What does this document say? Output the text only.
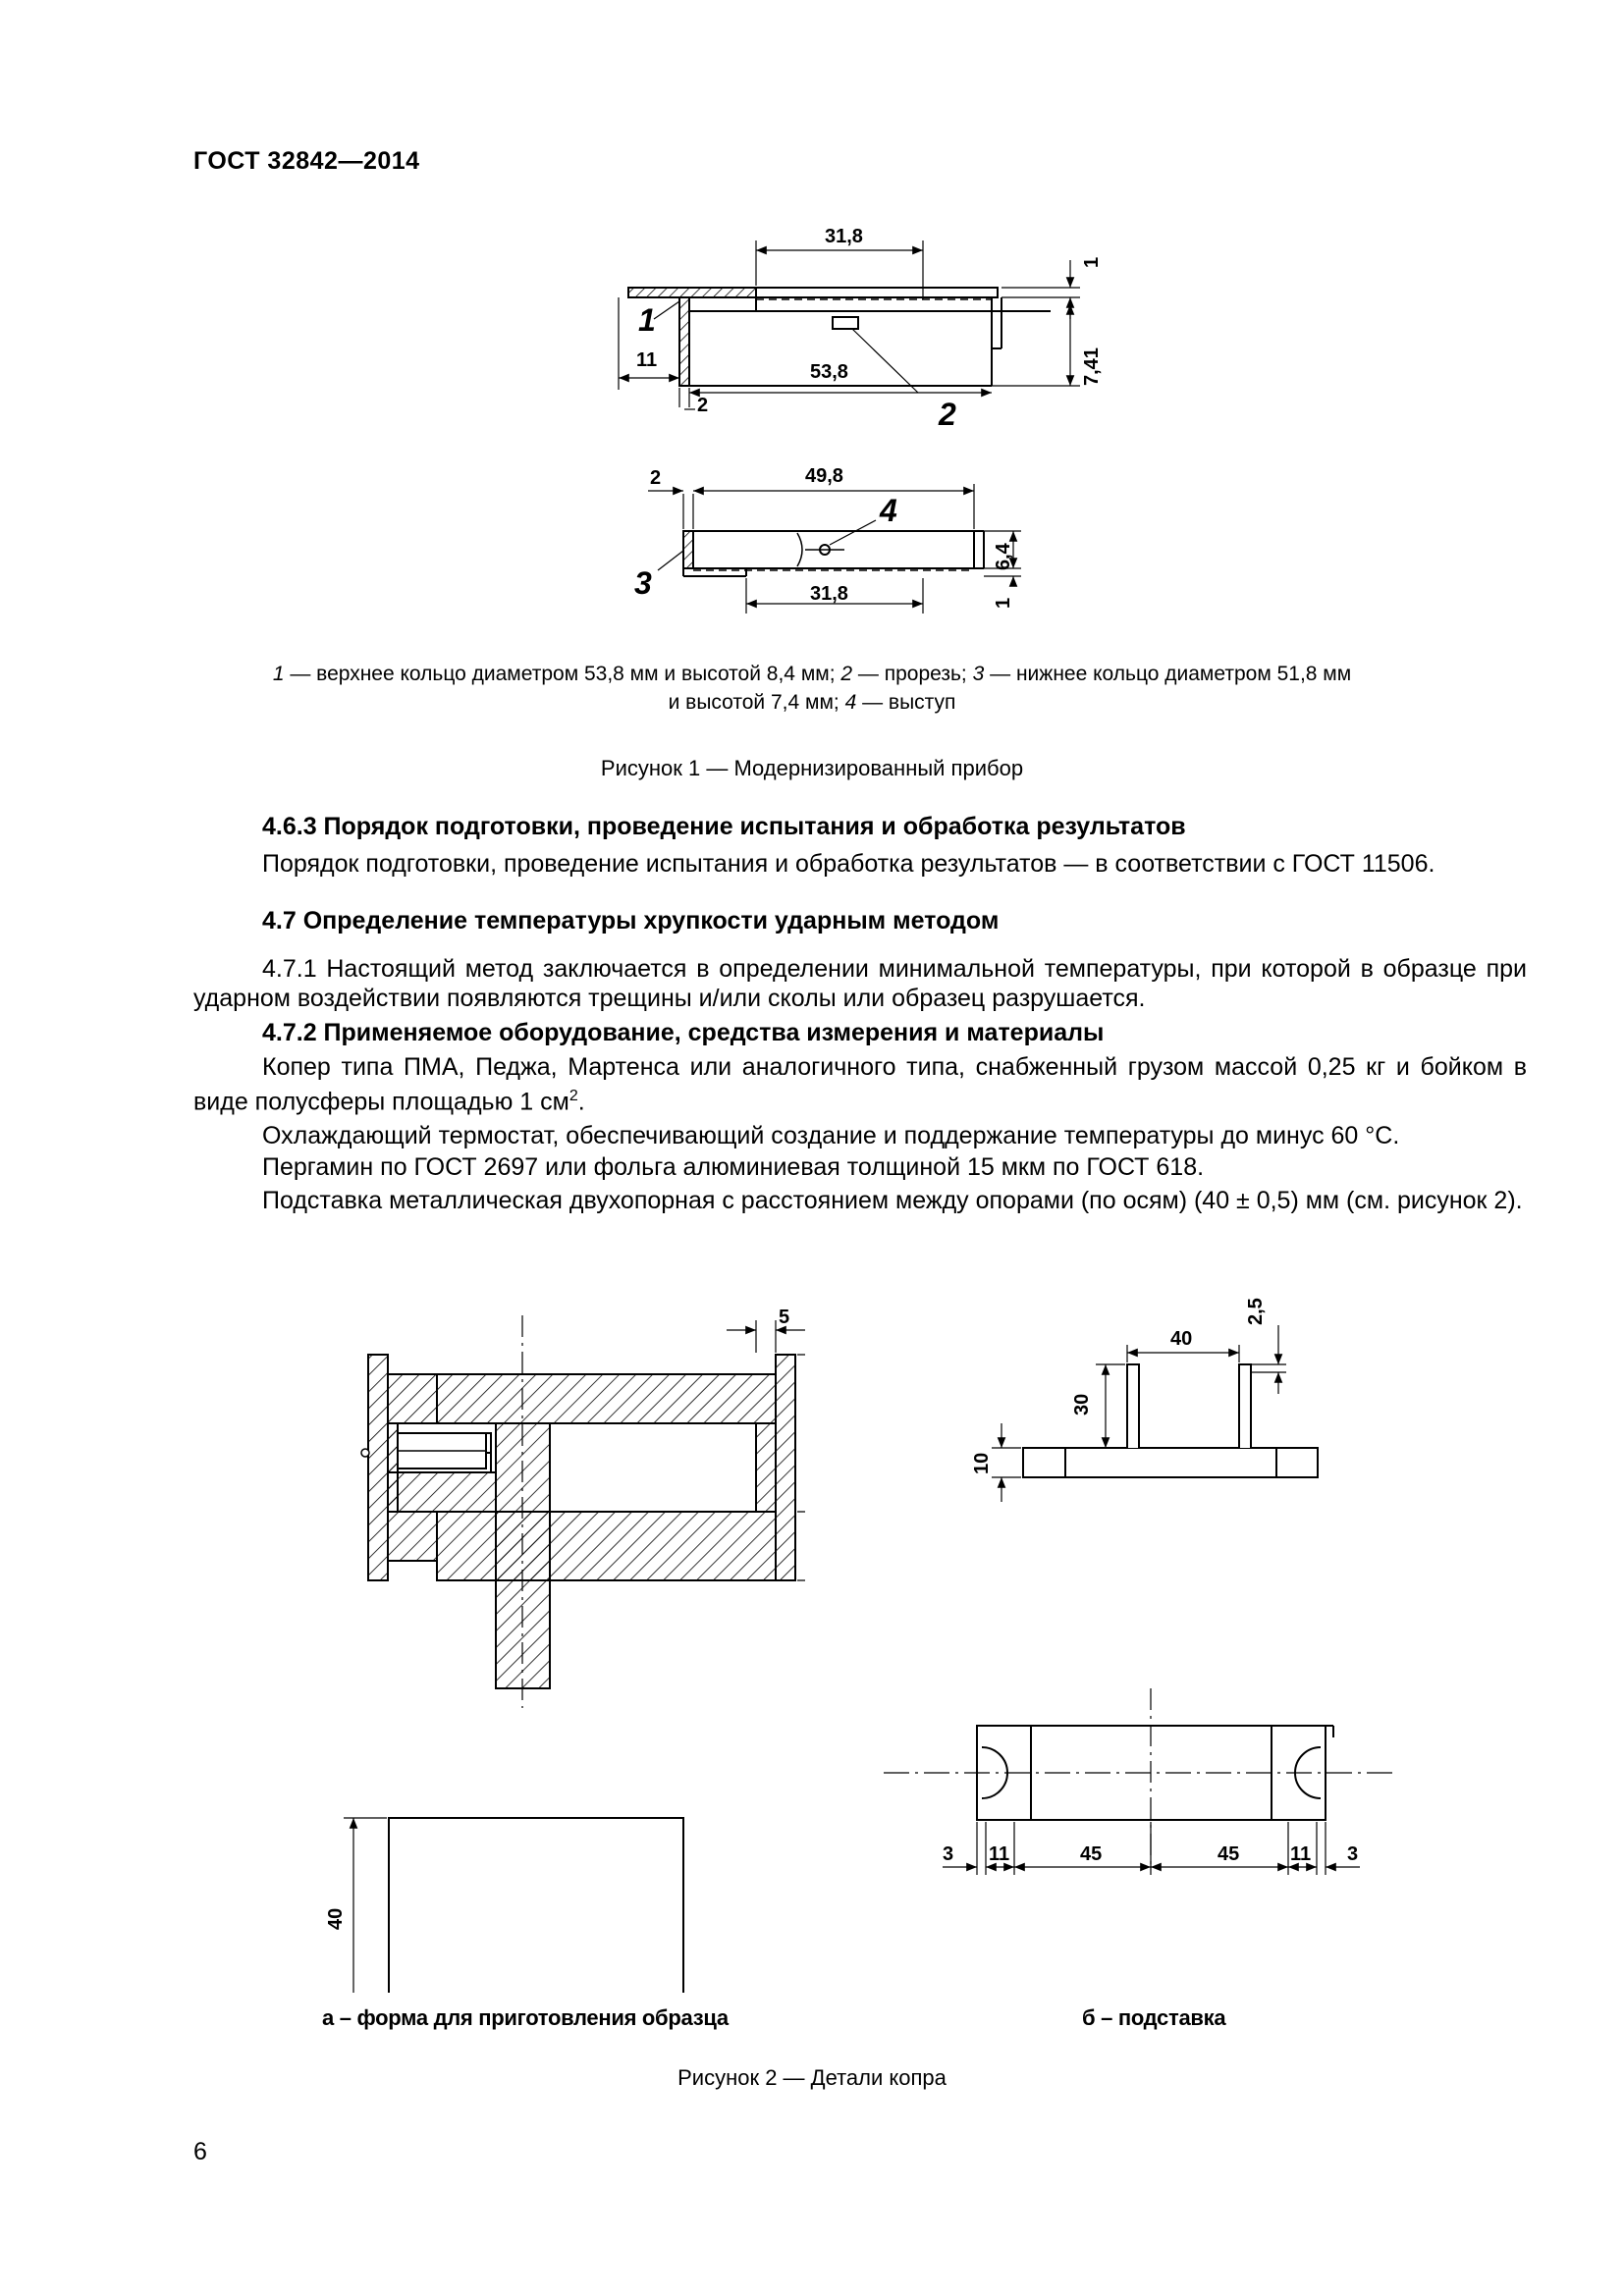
ГОСТ 32842—2014
31,8
1
11
53,8
2
7,41
2	49,8
6,4
31,8	1
1
2
3
4
1 — верхнее кольцо диаметром 53,8 мм и высотой 8,4 мм; 2 — прорезь; 3 — нижнее кольцо диаметром 51,8 мм
и высотой 7,4 мм; 4 — выступ
Рисунок 1 — Модернизированный прибор
4.6.3 Порядок подготовки, проведение испытания и обработка результатов
Порядок подготовки, проведение испытания и обработка результатов — в соответствии с ГОСТ 11506.
4.7 Определение температуры хрупкости ударным методом
4.7.1 Настоящий метод заключается в определении минимальной температуры, при которой в образце при ударном воздействии появляются трещины и/или сколы или образец разрушается.
4.7.2 Применяемое оборудование, средства измерения и материалы
Копер типа ПМА, Педжа, Мартенса или аналогичного типа, снабженный грузом массой 0,25 кг и бойком в виде полусферы площадью 1 $см^2$.
Охлаждающий термостат, обеспечивающий создание и поддержание температуры до минус 60 °С.
Пергамин по ГОСТ 2697 или фольга алюминиевая толщиной 15 мкм по ГОСТ 618.
Подставка металлическая двухопорная с расстоянием между опорами (по осям) (40 ± 0,5) мм (см. рисунок 2).
5
40
40
2,5
30
10
3 11	45	45	11 3
а – форма для приготовления образца	б – подставка
Рисунок 2 — Детали копра
6
